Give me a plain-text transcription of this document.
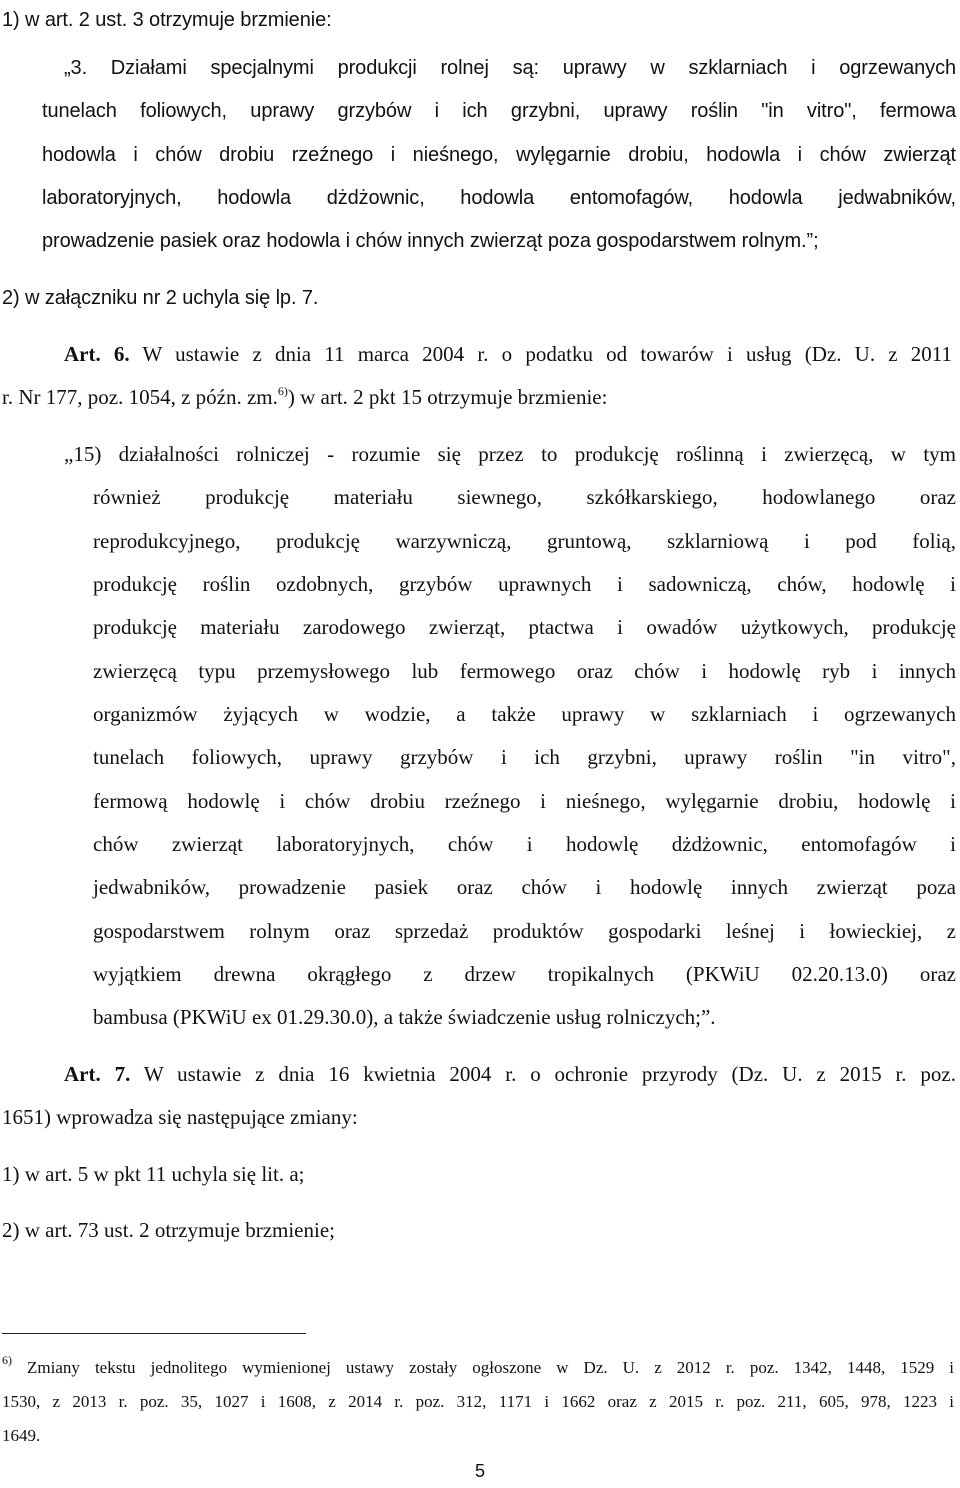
1) w art. 2 ust. 3 otrzymuje brzmienie:
„3. Działami specjalnymi produkcji rolnej są: uprawy w szklarniach i ogrzewanych
tunelach foliowych, uprawy grzybów i ich grzybni, uprawy roślin "in vitro", fermowa
hodowla i chów drobiu rzeźnego i nieśnego, wylęgarnie drobiu, hodowla i chów zwierząt
laboratoryjnych, hodowla dżdżownic, hodowla entomofagów, hodowla jedwabników,
prowadzenie pasiek oraz hodowla i chów innych zwierząt poza gospodarstwem rolnym.”;
2) w załączniku nr 2 uchyla się lp. 7.
Art. 6. W ustawie z dnia 11 marca 2004 r. o podatku od towarów i usług (Dz. U. z 2011
r. Nr 177, poz. 1054, z późn. zm.$^{6)}$) w art. 2 pkt 15 otrzymuje brzmienie:
„15) działalności rolniczej - rozumie się przez to produkcję roślinną i zwierzęcą, w tym
również produkcję materiału siewnego, szkółkarskiego, hodowlanego oraz
reprodukcyjnego, produkcję warzywniczą, gruntową, szklarniową i pod folią,
produkcję roślin ozdobnych, grzybów uprawnych i sadowniczą, chów, hodowlę i
produkcję materiału zarodowego zwierząt, ptactwa i owadów użytkowych, produkcję
zwierzęcą typu przemysłowego lub fermowego oraz chów i hodowlę ryb i innych
organizmów żyjących w wodzie, a także uprawy w szklarniach i ogrzewanych
tunelach foliowych, uprawy grzybów i ich grzybni, uprawy roślin "in vitro",
fermową hodowlę i chów drobiu rzeźnego i nieśnego, wylęgarnie drobiu, hodowlę i
chów zwierząt laboratoryjnych, chów i hodowlę dżdżownic, entomofagów i
jedwabników, prowadzenie pasiek oraz chów i hodowlę innych zwierząt poza
gospodarstwem rolnym oraz sprzedaż produktów gospodarki leśnej i łowieckiej, z
wyjątkiem drewna okrągłego z drzew tropikalnych (PKWiU 02.20.13.0) oraz
bambusa (PKWiU ex 01.29.30.0), a także świadczenie usług rolniczych;”.
Art. 7. W ustawie z dnia 16 kwietnia 2004 r. o ochronie przyrody (Dz. U. z 2015 r. poz.
1651) wprowadza się następujące zmiany:
1) w art. 5 w pkt 11 uchyla się lit. a;
2) w art. 73 ust. 2 otrzymuje brzmienie;
$^{6)}$ Zmiany tekstu jednolitego wymienionej ustawy zostały ogłoszone w Dz. U. z 2012 r. poz. 1342, 1448, 1529 i
1530, z 2013 r. poz. 35, 1027 i 1608, z 2014 r. poz. 312, 1171 i 1662 oraz z 2015 r. poz. 211, 605, 978, 1223 i
1649.
5
